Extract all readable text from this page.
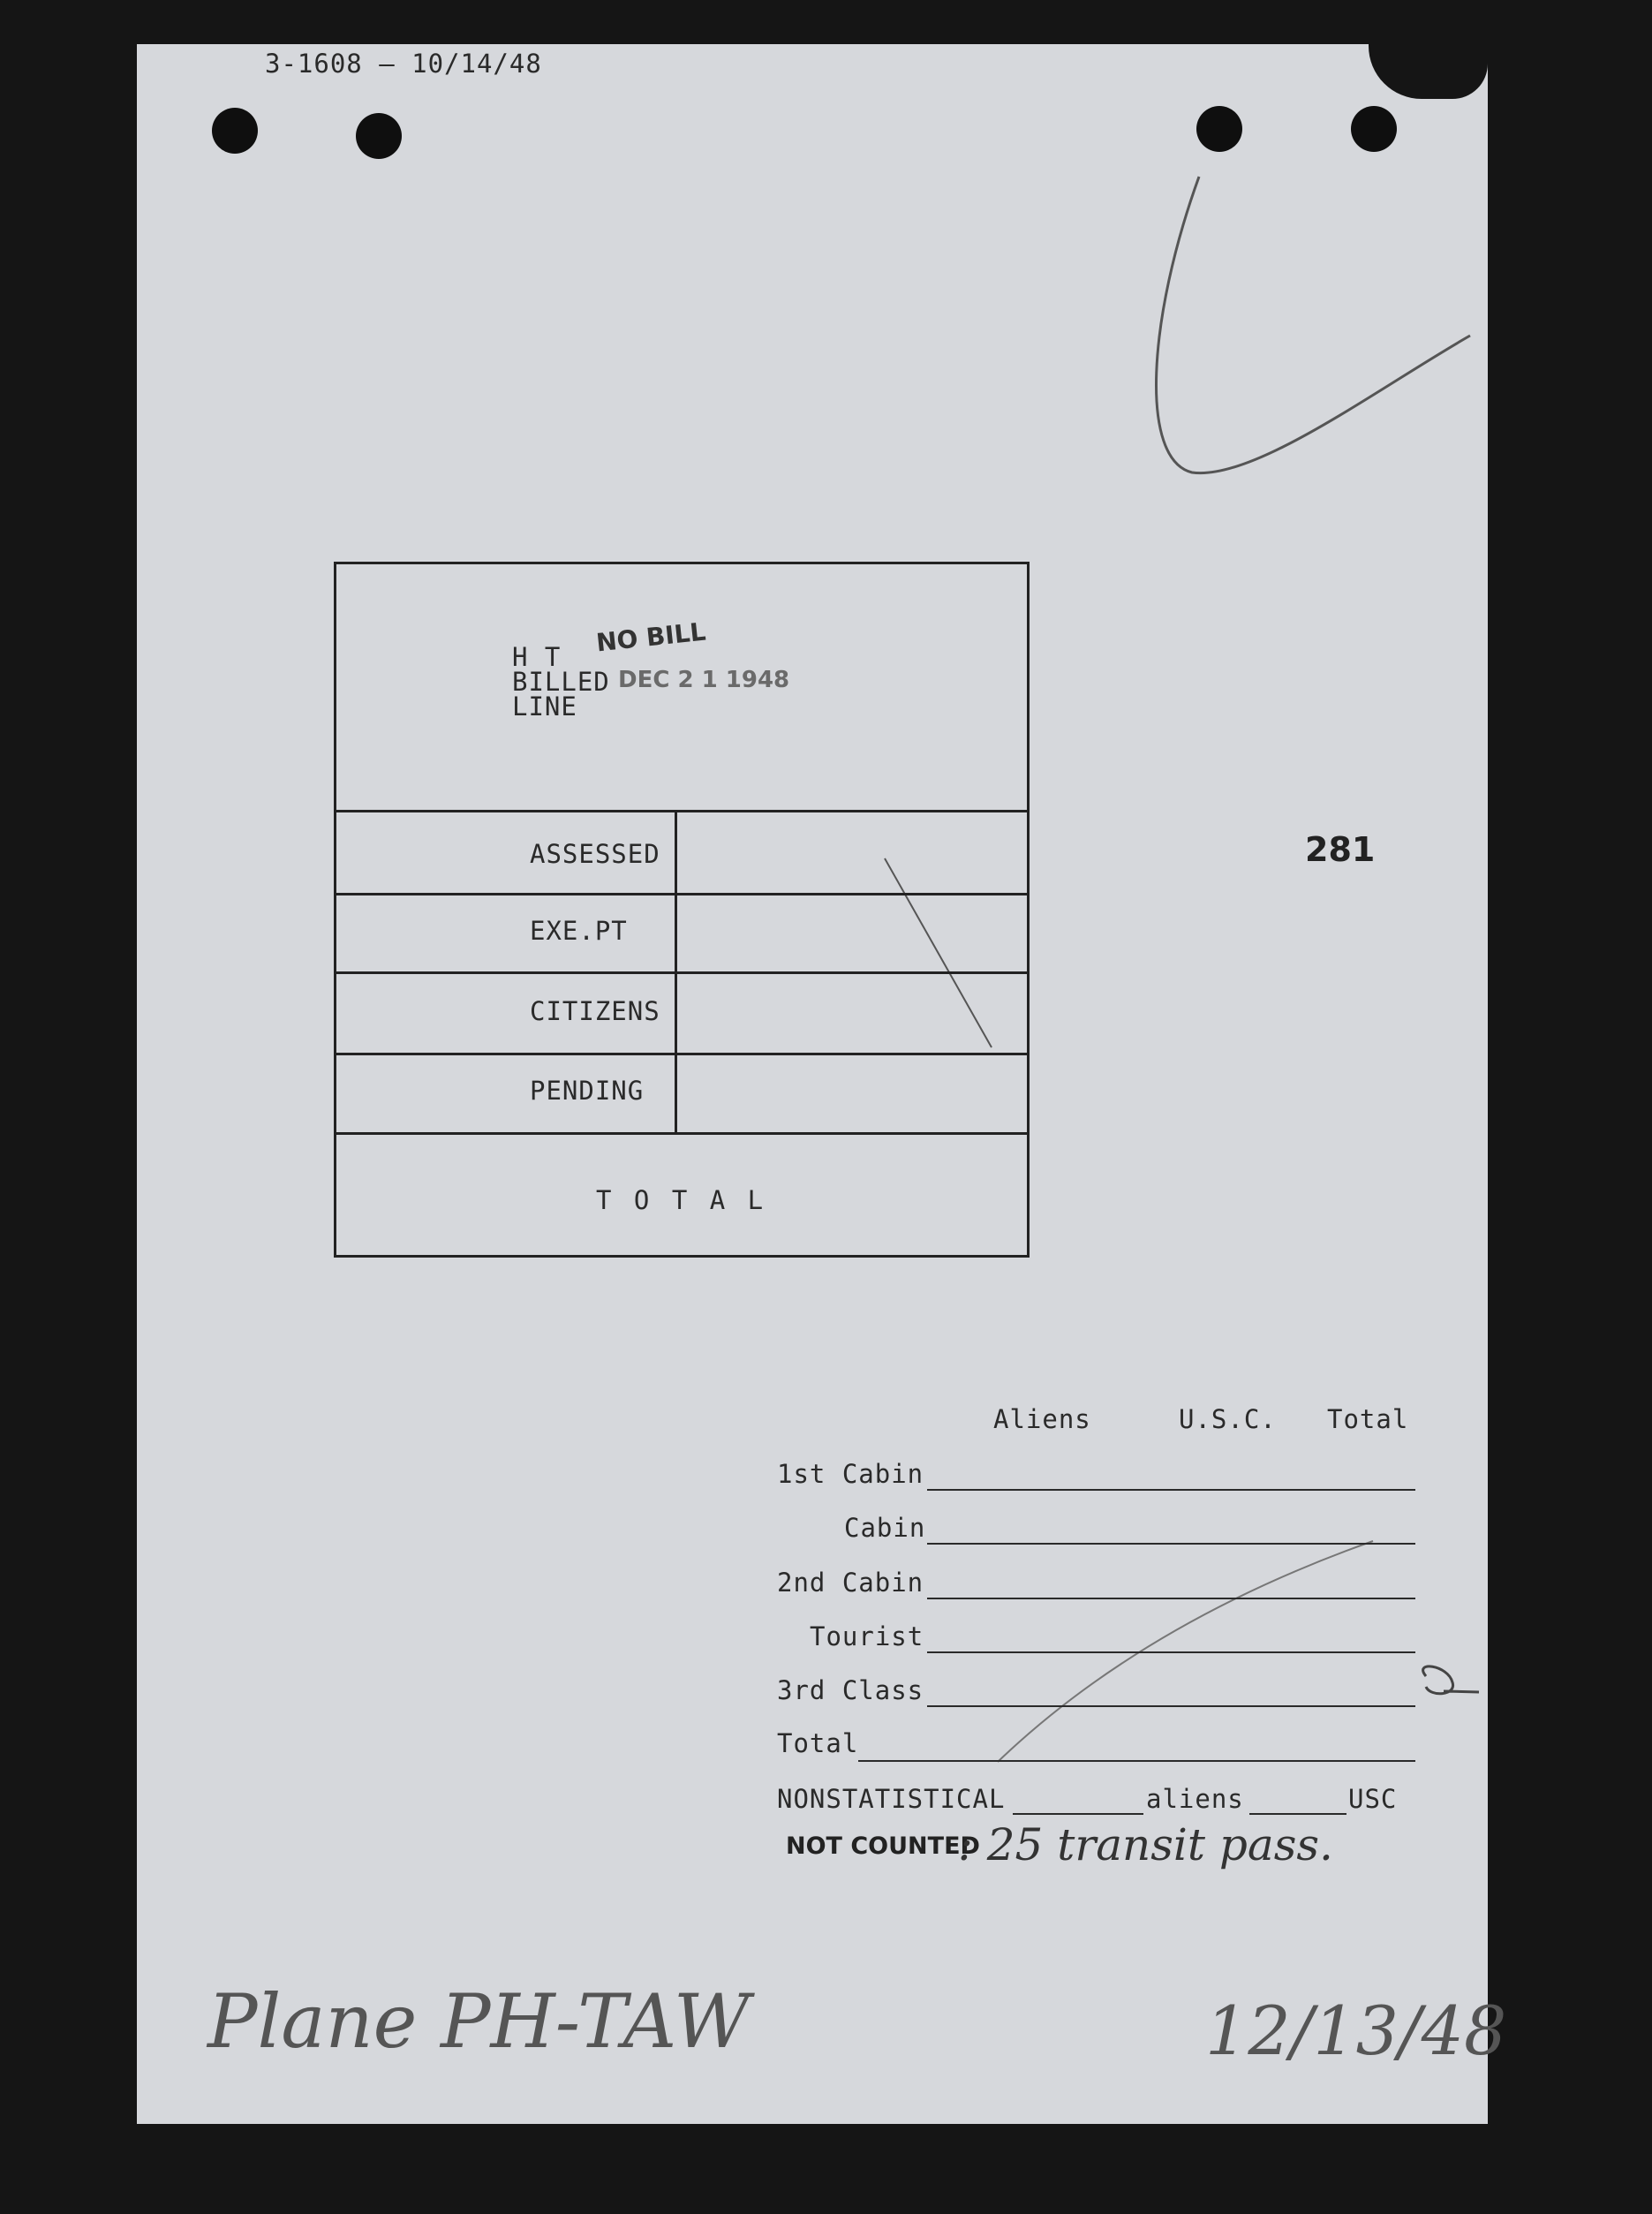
3-1608 — 10/14/48
H T
BILLED
LINE
NO BILL
DEC 2 1 1948
ASSESSED
EXE.PT
CITIZENS
PENDING
T O T A L
281
Aliens	U.S.C. Total
1st Cabin
Cabin
2nd Cabin
Tourist
3rd Class
Total
NONSTATISTICAL	aliens	USC
NOT COUNTED
: 25 transit pass.
Plane PH-TAW	12/13/48
